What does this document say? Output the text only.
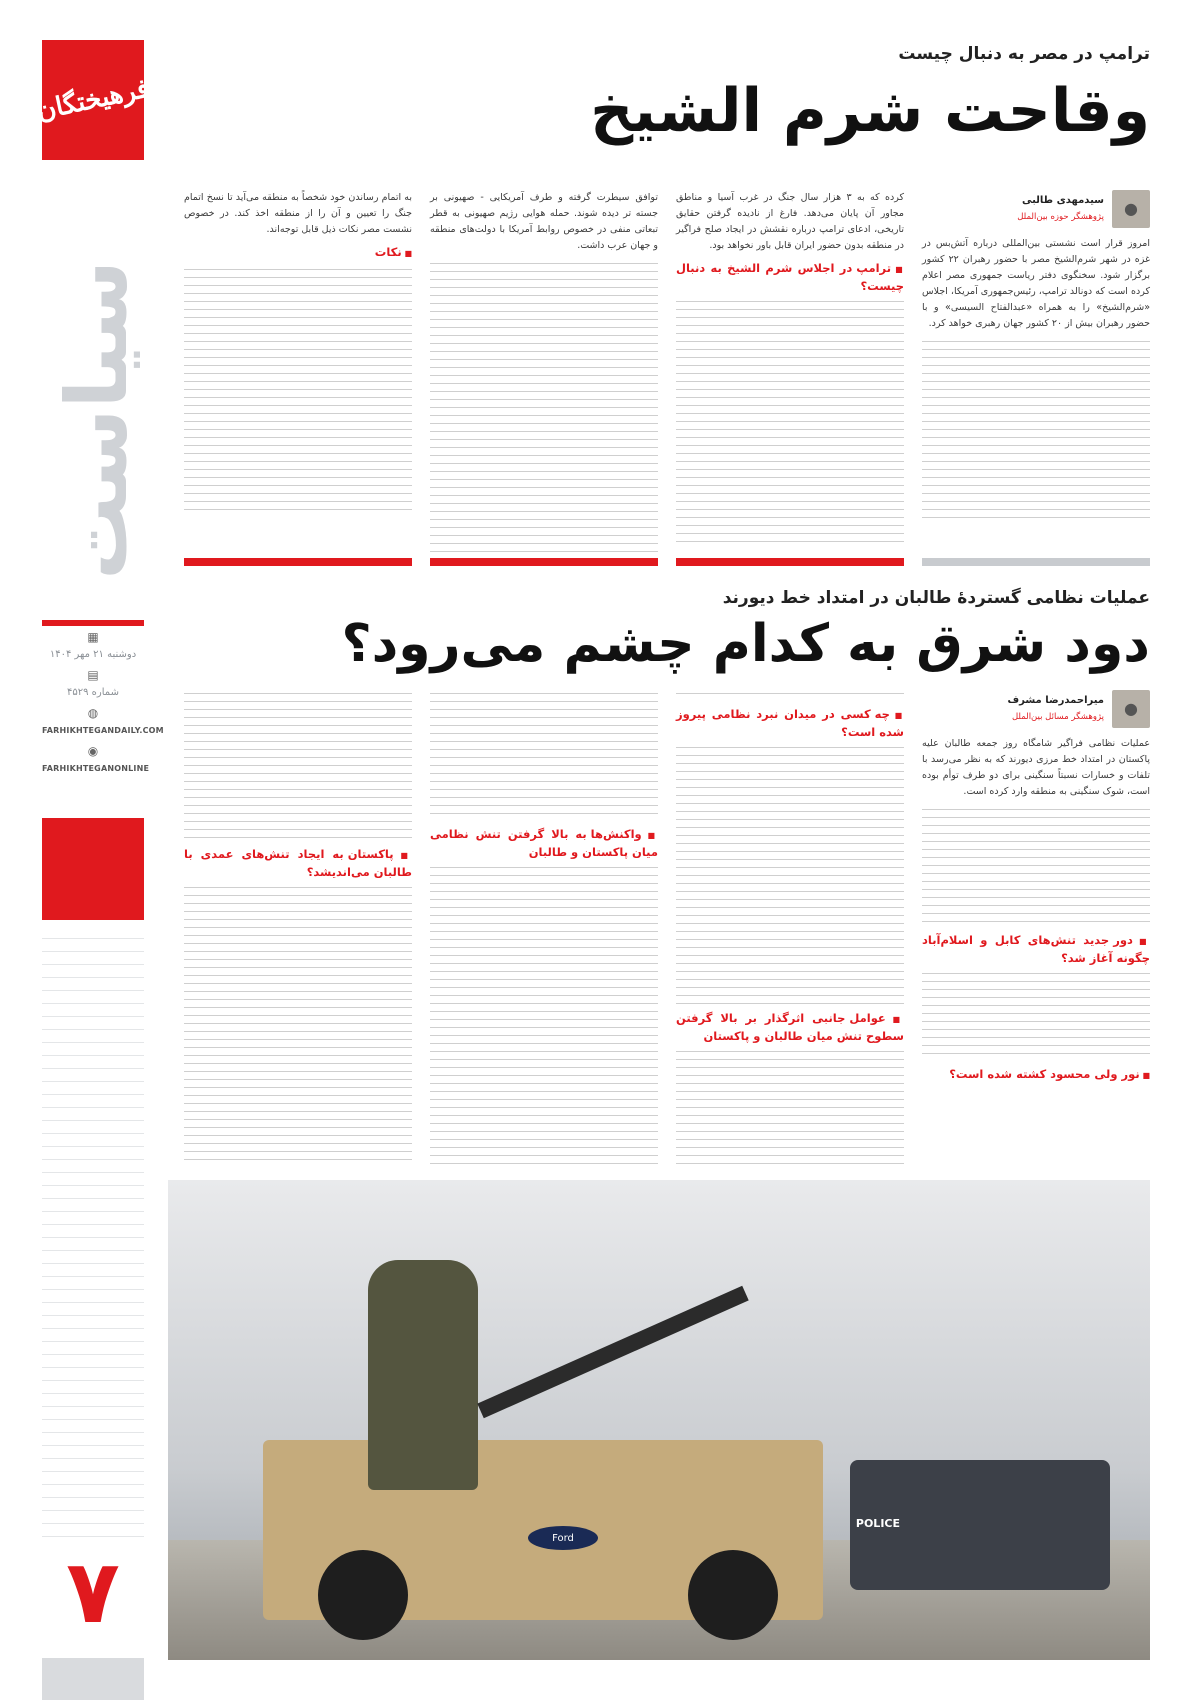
فرهیختگان
سیاست
▦
دوشنبه ۲۱ مهر ۱۴۰۴
▤
شماره ۴۵۲۹
◍
FARHIKHTEGANDAILY.COM
◉
FARHIKHTEGANONLINE
۷
ترامپ در مصر به دنبال چیست
وقاحت شرم الشیخ
●
سیدمهدی طالبی
پژوهشگر حوزه بین‌الملل
امروز قرار است نشستی بین‌المللی درباره آتش‌بس در غزه در شهر شرم‌الشیخ مصر با حضور رهبران ۲۲ کشور برگزار شود. سخنگوی دفتر ریاست جمهوری مصر اعلام کرده است که دونالد ترامپ، رئیس‌جمهوری آمریکا، اجلاس «شرم‌الشیخ» را به همراه «عبدالفتاح السیسی» و با حضور رهبران بیش از ۲۰ کشور جهان رهبری خواهد کرد.
کرده که به ۳ هزار سال جنگ در غرب آسیا و مناطق مجاور آن پایان می‌دهد. فارغ از نادیده گرفتن حقایق تاریخی، ادعای ترامپ درباره نقشش در ایجاد صلح فراگیر در منطقه بدون حضور ایران قابل باور نخواهد بود.
■ ترامپ در اجلاس شرم الشیخ به دنبال چیست؟
توافق سیطرت گرفته و طرف آمریکایی - صهیونی بر جسته تر دیده شوند. حمله هوایی رژیم صهیونی به قطر تبعاتی منفی در خصوص روابط آمریکا با دولت‌های منطقه و جهان عرب داشت.
به اتمام رساندن خود شخصاً به منطقه می‌آید تا نسخ اتمام جنگ را تعیین و آن را از منطقه اخذ کند. در خصوص نشست مصر نکات ذیل قابل توجه‌اند.
■ نکات
عملیات نظامی گستردۀ طالبان در امتداد خط دیورند
دود شرق به کدام چشم می‌رود؟
●
میراحمدرضا مشرف
پژوهشگر مسائل بین‌الملل
عملیات نظامی فراگیر شامگاه روز جمعه طالبان علیه پاکستان در امتداد خط مرزی دیورند که به نظر می‌رسد با تلفات و خسارات نسبتاً سنگینی برای دو طرف توأم بوده است، شوک سنگینی به منطقه وارد کرده است.
■ دور جدید تنش‌های کابل و اسلام‌آباد چگونه آغاز شد؟
■ نور ولی محسود کشته شده است؟
■ چه کسی در میدان نبرد نظامی پیروز شده است؟
■ عوامل جانبی اثرگذار بر بالا گرفتن سطوح تنش میان طالبان و پاکستان
■ واکنش‌ها به بالا گرفتن تنش نظامی میان پاکستان و طالبان
■ پاکستان به ایجاد تنش‌های عمدی با طالبان می‌اندیشد؟
POLICE
Ford
